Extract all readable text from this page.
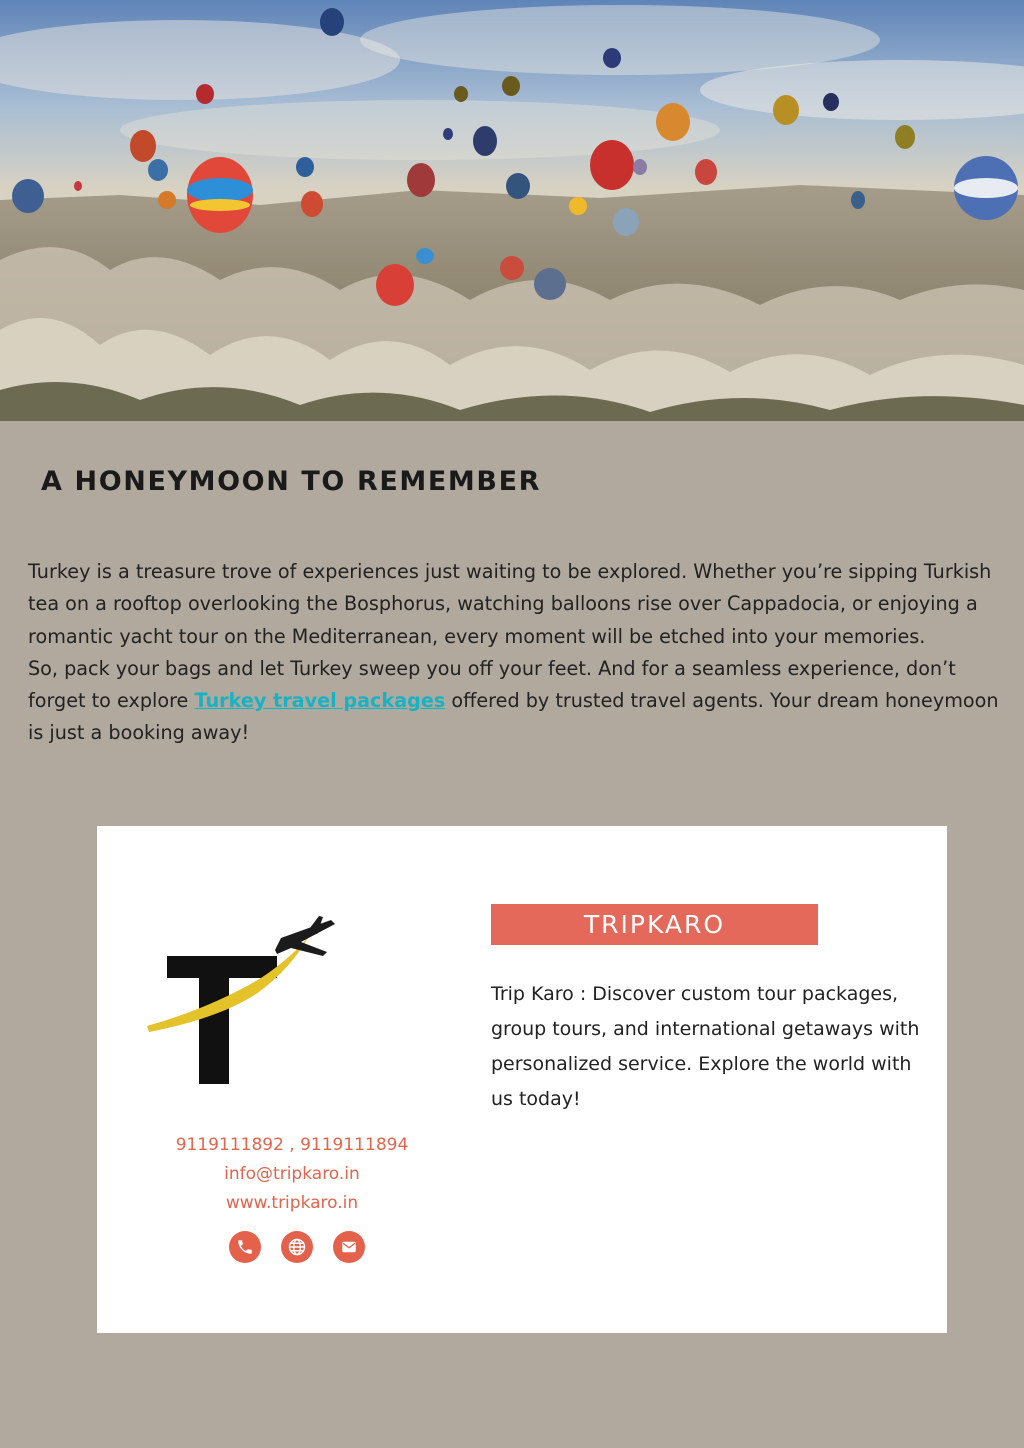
A HONEYMOON TO REMEMBER

Turkey is a treasure trove of experiences just waiting to be explored. Whether you’re sipping Turkish tea on a rooftop overlooking the Bosphorus, watching balloons rise over Cappadocia, or enjoying a romantic yacht tour on the Mediterranean, every moment will be etched into your memories.

So, pack your bags and let Turkey sweep you off your feet. And for a seamless experience, don’t forget to explore Turkey travel packages offered by trusted travel agents. Your dream honeymoon is just a booking away!

9119111892 , 9119111894
info@tripkaro.in
www.tripkaro.in
TRIPKARO
Trip Karo : Discover custom tour packages, group tours, and international getaways with personalized service. Explore the world with us today!
